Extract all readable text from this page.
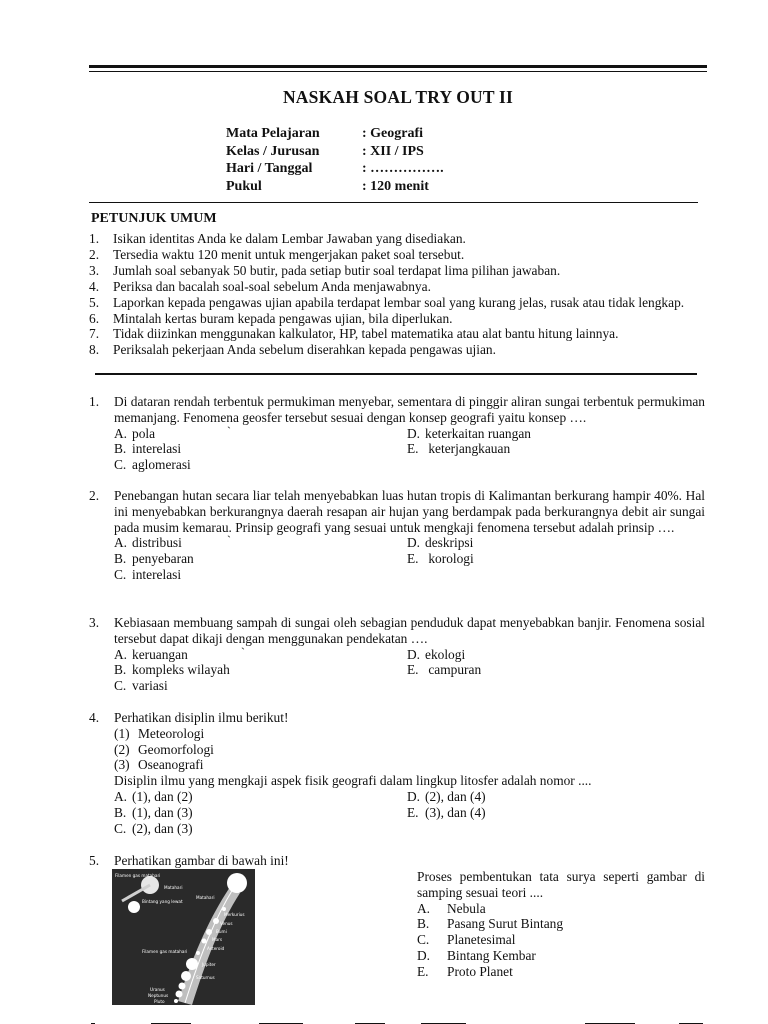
NASKAH SOAL TRY OUT II
Mata Pelajaran	: Geografi
Kelas / Jurusan	: XII / IPS
Hari / Tanggal	: …………….
Pukul	: 120 menit
PETUNJUK UMUM
1.	Isikan identitas Anda ke dalam Lembar Jawaban yang disediakan.
2.	Tersedia waktu 120 menit untuk mengerjakan paket soal tersebut.
3.	Jumlah soal sebanyak 50 butir, pada setiap butir soal terdapat lima pilihan jawaban.
4.	Periksa dan bacalah soal-soal sebelum Anda menjawabnya.
5.	Laporkan kepada pengawas ujian apabila terdapat lembar soal yang kurang jelas, rusak atau tidak lengkap.
6.	Mintalah kertas buram kepada pengawas ujian, bila diperlukan.
7.	Tidak diizinkan menggunakan kalkulator, HP, tabel matematika atau alat bantu hitung lainnya.
8.	Periksalah pekerjaan Anda sebelum diserahkan kepada pengawas ujian.
1.	Di dataran rendah terbentuk permukiman menyebar, sementara di pinggir aliran sungai terbentuk permukiman memanjang. Fenomena geosfer tersebut sesuai dengan konsep geografi yaitu konsep ….
A. pola
B. interelasi
C. aglomerasi
`	D. keterkaitan ruangan
E. keterjangkauan
2.	Penebangan hutan secara liar telah menyebabkan luas hutan tropis di Kalimantan berkurang hampir 40%. Hal ini menyebabkan berkurangnya daerah resapan air hujan yang berdampak pada berkurangnya debit air sungai pada musim kemarau. Prinsip geografi yang sesuai untuk mengkaji fenomena tersebut adalah prinsip ….
A. distribusi
B. penyebaran
C. interelasi
`	D. deskripsi
E. korologi
3.	Kebiasaan membuang sampah di sungai oleh sebagian penduduk dapat menyebabkan banjir. Fenomena sosial tersebut dapat dikaji dengan menggunakan pendekatan ….
A. keruangan
B. kompleks wilayah
C. variasi
`	D. ekologi
E. campuran
4.	Perhatikan disiplin ilmu berikut!
(1) Meteorologi
(2) Geomorfologi
(3) Oseanografi
Disiplin ilmu yang mengkaji aspek fisik geografi dalam lingkup litosfer adalah nomor ....
A. (1), dan (2)
B. (1), dan (3)
C. (2), dan (3)
D. (2), dan (4)
E. (3), dan (4)
5.	Perhatikan gambar di bawah ini!
Filamen gas matahari
Matahari
Bintang yang lewat
Matahari
Merkurius
Venus
Bumi
Mars
Asteroid
Jupiter
Saturnus
Uranus
Neptunus
Pluto
Filamen gas matahari
Proses pembentukan tata surya seperti gambar di samping sesuai teori ....
A.	Nebula
B.	Pasang Surut Bintang
C.	Planetesimal
D.	Bintang Kembar
E.	Proto Planet
